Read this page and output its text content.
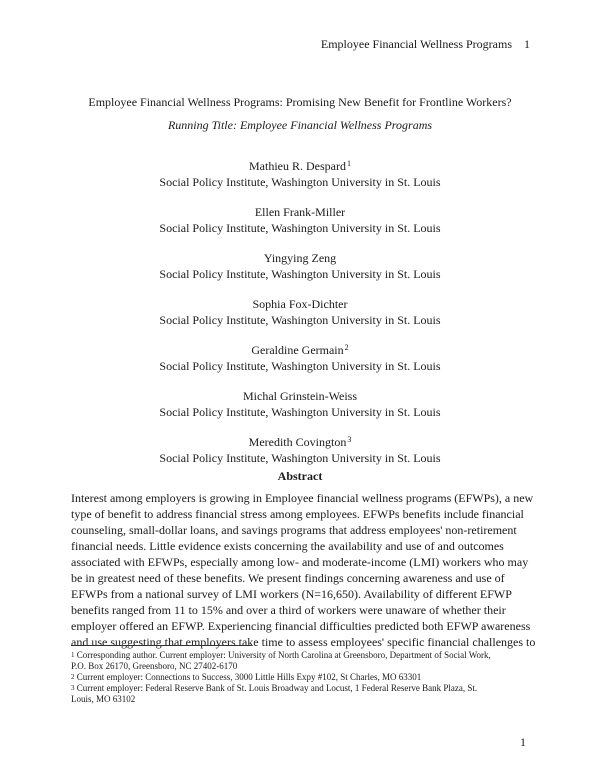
Employee Financial Wellness Programs 1
Employee Financial Wellness Programs: Promising New Benefit for Frontline Workers?
Running Title: Employee Financial Wellness Programs
Mathieu R. Despard$^1$
Social Policy Institute, Washington University in St. Louis
Ellen Frank-Miller
Social Policy Institute, Washington University in St. Louis
Yingying Zeng
Social Policy Institute, Washington University in St. Louis
Sophia Fox-Dichter
Social Policy Institute, Washington University in St. Louis
Geraldine Germain$^2$
Social Policy Institute, Washington University in St. Louis
Michal Grinstein-Weiss
Social Policy Institute, Washington University in St. Louis
Meredith Covington$^3$
Social Policy Institute, Washington University in St. Louis
Abstract
Interest among employers is growing in Employee financial wellness programs (EFWPs), a new
type of benefit to address financial stress among employees. EFWPs benefits include financial
counseling, small-dollar loans, and savings programs that address employees' non-retirement
financial needs. Little evidence exists concerning the availability and use of and outcomes
associated with EFWPs, especially among low- and moderate-income (LMI) workers who may
be in greatest need of these benefits. We present findings concerning awareness and use of
EFWPs from a national survey of LMI workers (N=16,650). Availability of different EFWP
benefits ranged from 11 to 15% and over a third of workers were unaware of whether their
employer offered an EFWP. Experiencing financial difficulties predicted both EFWP awareness
and use suggesting that employers take time to assess employees' specific financial challenges to
$^1$ Corresponding author. Current employer: University of North Carolina at Greensboro, Department of Social Work,
P.O. Box 26170, Greensboro, NC 27402-6170
$^2$ Current employer: Connections to Success, 3000 Little Hills Expy #102, St Charles, MO 63301
$^3$ Current employer: Federal Reserve Bank of St. Louis Broadway and Locust, 1 Federal Reserve Bank Plaza, St.
Louis, MO 63102
1
